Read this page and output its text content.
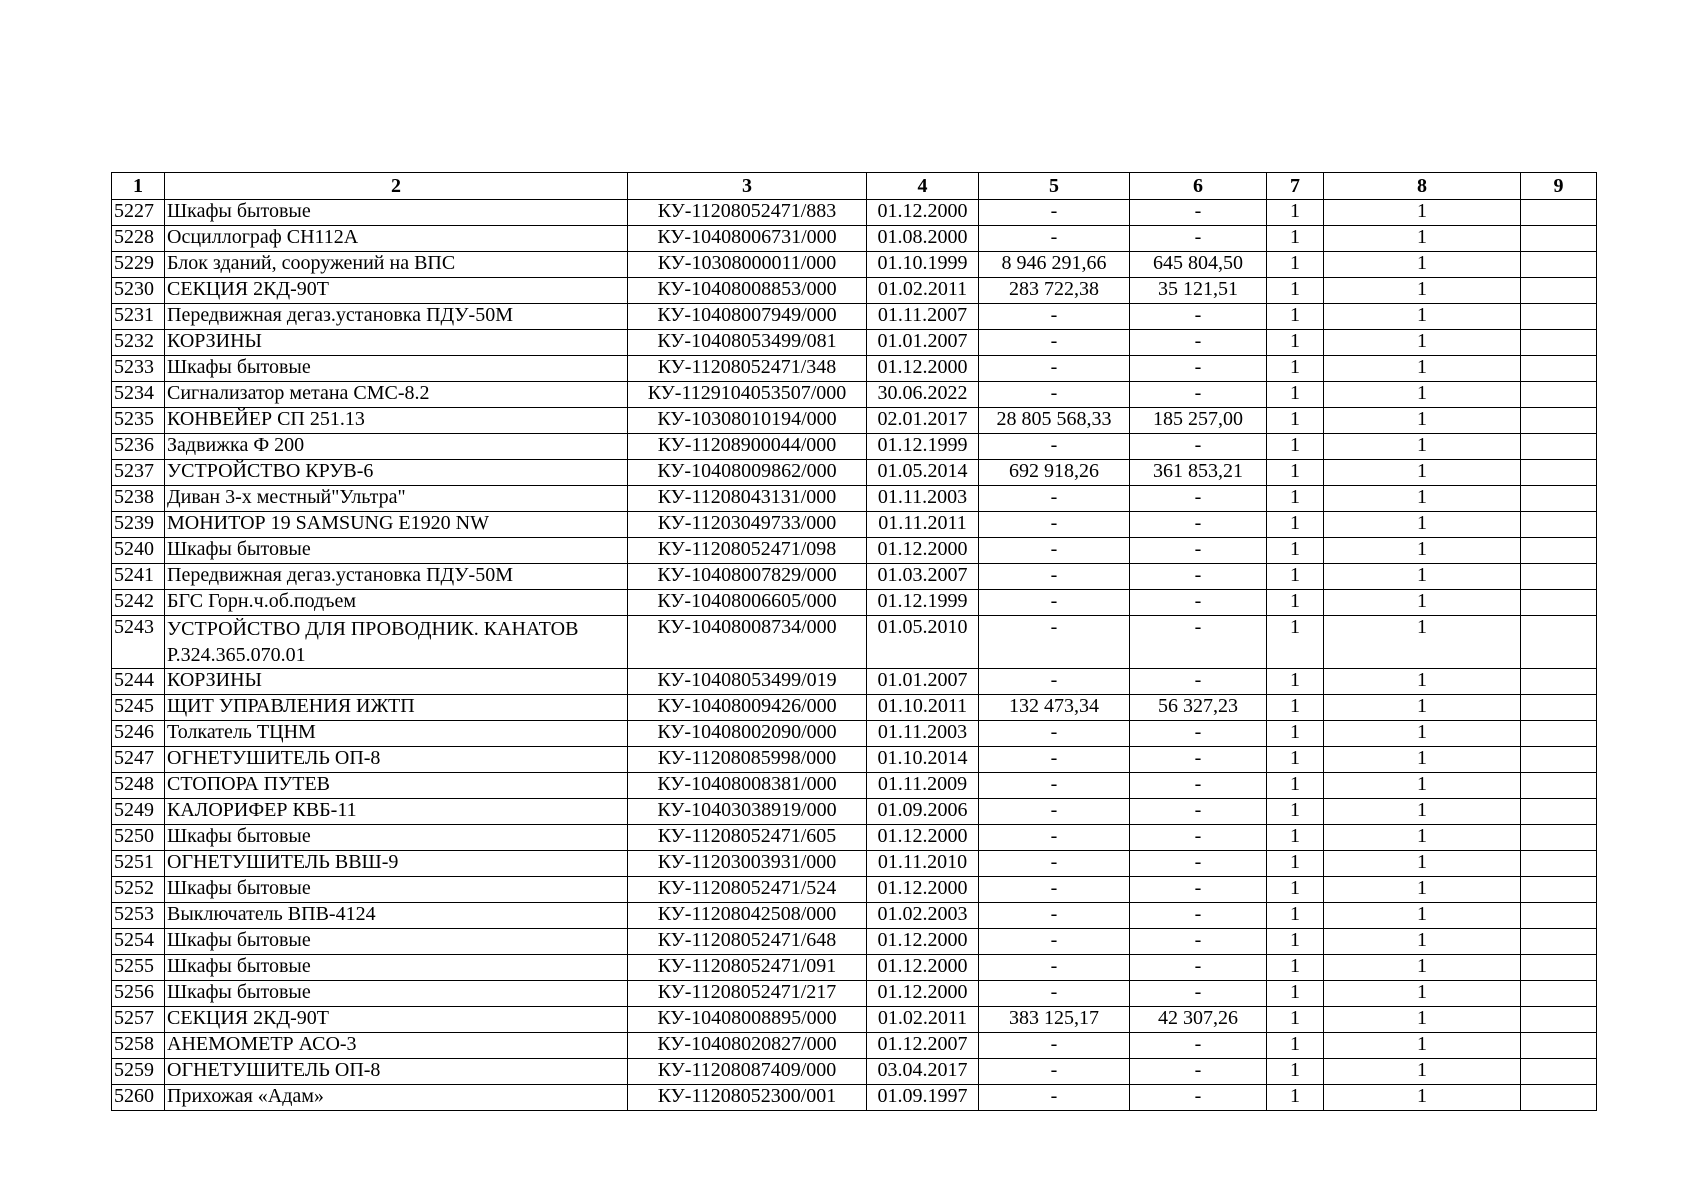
1	2	3	4	5	6	7	8	9
5227	Шкафы бытовые	КУ-11208052471/883	01.12.2000	-	-	1	1	
5228	Осциллограф СН112А	КУ-10408006731/000	01.08.2000	-	-	1	1	
5229	Блок зданий, сооружений на ВПС	КУ-10308000011/000	01.10.1999	8 946 291,66	645 804,50	1	1	
5230	СЕКЦИЯ 2КД-90Т	КУ-10408008853/000	01.02.2011	283 722,38	35 121,51	1	1	
5231	Передвижная дегаз.установка ПДУ-50М	КУ-10408007949/000	01.11.2007	-	-	1	1	
5232	КОРЗИНЫ	КУ-10408053499/081	01.01.2007	-	-	1	1	
5233	Шкафы бытовые	КУ-11208052471/348	01.12.2000	-	-	1	1	
5234	Сигнализатор метана СМС-8.2	КУ-1129104053507/000	30.06.2022	-	-	1	1	
5235	КОНВЕЙЕР СП 251.13	КУ-10308010194/000	02.01.2017	28 805 568,33	185 257,00	1	1	
5236	Задвижка Ф 200	КУ-11208900044/000	01.12.1999	-	-	1	1	
5237	УСТРОЙСТВО КРУВ-6	КУ-10408009862/000	01.05.2014	692 918,26	361 853,21	1	1	
5238	Диван 3-х местный"Ультра"	КУ-11208043131/000	01.11.2003	-	-	1	1	
5239	МОНИТОР 19 SAMSUNG E1920 NW	КУ-11203049733/000	01.11.2011	-	-	1	1	
5240	Шкафы бытовые	КУ-11208052471/098	01.12.2000	-	-	1	1	
5241	Передвижная дегаз.установка ПДУ-50М	КУ-10408007829/000	01.03.2007	-	-	1	1	
5242	БГС Горн.ч.об.подъем	КУ-10408006605/000	01.12.1999	-	-	1	1	
5243	УСТРОЙСТВО ДЛЯ ПРОВОДНИК. КАНАТОВ Р.324.365.070.01	КУ-10408008734/000	01.05.2010	-	-	1	1	
5244	КОРЗИНЫ	КУ-10408053499/019	01.01.2007	-	-	1	1	
5245	ЩИТ УПРАВЛЕНИЯ ИЖТП	КУ-10408009426/000	01.10.2011	132 473,34	56 327,23	1	1	
5246	Толкатель ТЦНМ	КУ-10408002090/000	01.11.2003	-	-	1	1	
5247	ОГНЕТУШИТЕЛЬ ОП-8	КУ-11208085998/000	01.10.2014	-	-	1	1	
5248	СТОПОРА ПУТЕВ	КУ-10408008381/000	01.11.2009	-	-	1	1	
5249	КАЛОРИФЕР КВБ-11	КУ-10403038919/000	01.09.2006	-	-	1	1	
5250	Шкафы бытовые	КУ-11208052471/605	01.12.2000	-	-	1	1	
5251	ОГНЕТУШИТЕЛЬ ВВШ-9	КУ-11203003931/000	01.11.2010	-	-	1	1	
5252	Шкафы бытовые	КУ-11208052471/524	01.12.2000	-	-	1	1	
5253	Выключатель ВПВ-4124	КУ-11208042508/000	01.02.2003	-	-	1	1	
5254	Шкафы бытовые	КУ-11208052471/648	01.12.2000	-	-	1	1	
5255	Шкафы бытовые	КУ-11208052471/091	01.12.2000	-	-	1	1	
5256	Шкафы бытовые	КУ-11208052471/217	01.12.2000	-	-	1	1	
5257	СЕКЦИЯ 2КД-90Т	КУ-10408008895/000	01.02.2011	383 125,17	42 307,26	1	1	
5258	АНЕМОМЕТР АСО-3	КУ-10408020827/000	01.12.2007	-	-	1	1	
5259	ОГНЕТУШИТЕЛЬ ОП-8	КУ-11208087409/000	03.04.2017	-	-	1	1	
5260	Прихожая «Адам»	КУ-11208052300/001	01.09.1997	-	-	1	1	
